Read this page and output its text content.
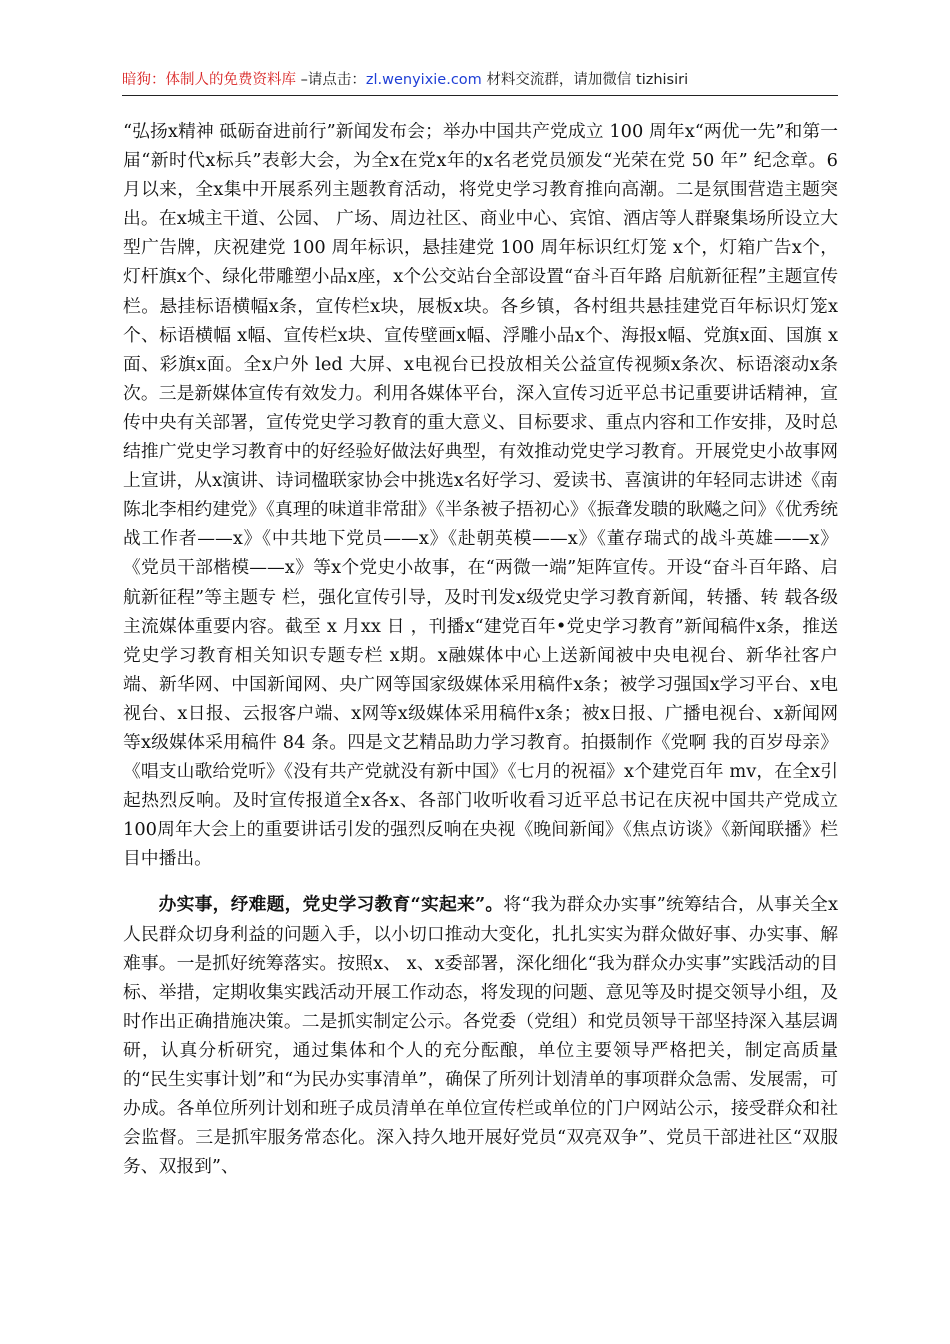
暗狗：体制人的免费资料库 –请点击：zl.wenyixie.com 材料交流群，请加微信 tizhisiri

“弘扬x精神 砥砺奋进前行”新闻发布会；举办中国共产党成立 100 周年x“两优一先”和第一届“新时代x标兵”表彰大会，为全x在党x年的x名老党员颁发“光荣在党 50 年” 纪念章。6 月以来，全x集中开展系列主题教育活动，将党史学习教育推向高潮。二是氛围营造主题突出。在x城主干道、公园、 广场、周边社区、商业中心、宾馆、酒店等人群聚集场所设立大型广告牌，庆祝建党 100 周年标识，悬挂建党 100 周年标识红灯笼 x个，灯箱广告x个，灯杆旗x个、绿化带雕塑小品x座，x个公交站台全部设置“奋斗百年路 启航新征程”主题宣传栏。悬挂标语横幅x条，宣传栏x块，展板x块。各乡镇，各村组共悬挂建党百年标识灯笼x个、标语横幅 x幅、宣传栏x块、宣传壁画x幅、浮雕小品x个、海报x幅、党旗x面、国旗 x面、彩旗x面。全x户外 led 大屏、x电视台已投放相关公益宣传视频x条次、标语滚动x条次。三是新媒体宣传有效发力。利用各媒体平台，深入宣传习近平总书记重要讲话精神，宣传中央有关部署，宣传党史学习教育的重大意义、目标要求、重点内容和工作安排，及时总结推广党史学习教育中的好经验好做法好典型，有效推动党史学习教育。开展党史小故事网上宣讲，从x演讲、诗词楹联家协会中挑选x名好学习、爱读书、喜演讲的年轻同志讲述《南陈北李相约建党》《真理的味道非常甜》《半条被子捂初心》《振聋发聩的耿飚之问》《优秀统战工作者——x》《中共地下党员——x》《赴朝英模——x》《董存瑞式的战斗英雄——x》《党员干部楷模——x》等x个党史小故事，在“两微一端”矩阵宣传。开设“奋斗百年路、启航新征程”等主题专 栏，强化宣传引导，及时刊发x级党史学习教育新闻，转播、转 载各级主流媒体重要内容。截至 x 月xx 日 ，刊播x“建党百年•党史学习教育”新闻稿件x条，推送党史学习教育相关知识专题专栏 x期。x融媒体中心上送新闻被中央电视台、新华社客户端、新华网、中国新闻网、央广网等国家级媒体采用稿件x条；被学习强国x学习平台、x电视台、x日报、云报客户端、x网等x级媒体采用稿件x条；被x日报、广播电视台、x新闻网等x级媒体采用稿件 84 条。四是文艺精品助力学习教育。拍摄制作《党啊 我的百岁母亲》《唱支山歌给党听》《没有共产党就没有新中国》《七月的祝福》x个建党百年 mv，在全x引起热烈反响。及时宣传报道全x各x、各部门收听收看习近平总书记在庆祝中国共产党成立100周年大会上的重要讲话引发的强烈反响在央视《晚间新闻》《焦点访谈》《新闻联播》栏目中播出。

办实事，纾难题，党史学习教育“实起来”。将“我为群众办实事”统筹结合，从事关全x人民群众切身利益的问题入手，以小切口推动大变化，扎扎实实为群众做好事、办实事、解难事。一是抓好统筹落实。按照x、 x、x委部署，深化细化“我为群众办实事”实践活动的目标、举措，定期收集实践活动开展工作动态，将发现的问题、意见等及时提交领导小组，及时作出正确措施决策。二是抓实制定公示。各党委（党组）和党员领导干部坚持深入基层调研，认真分析研究，通过集体和个人的充分酝酿，单位主要领导严格把关，制定高质量的“民生实事计划”和“为民办实事清单”，确保了所列计划清单的事项群众急需、发展需，可办成。各单位所列计划和班子成员清单在单位宣传栏或单位的门户网站公示，接受群众和社会监督。三是抓牢服务常态化。深入持久地开展好党员“双亮双争”、党员干部进社区“双服务、双报到”、
